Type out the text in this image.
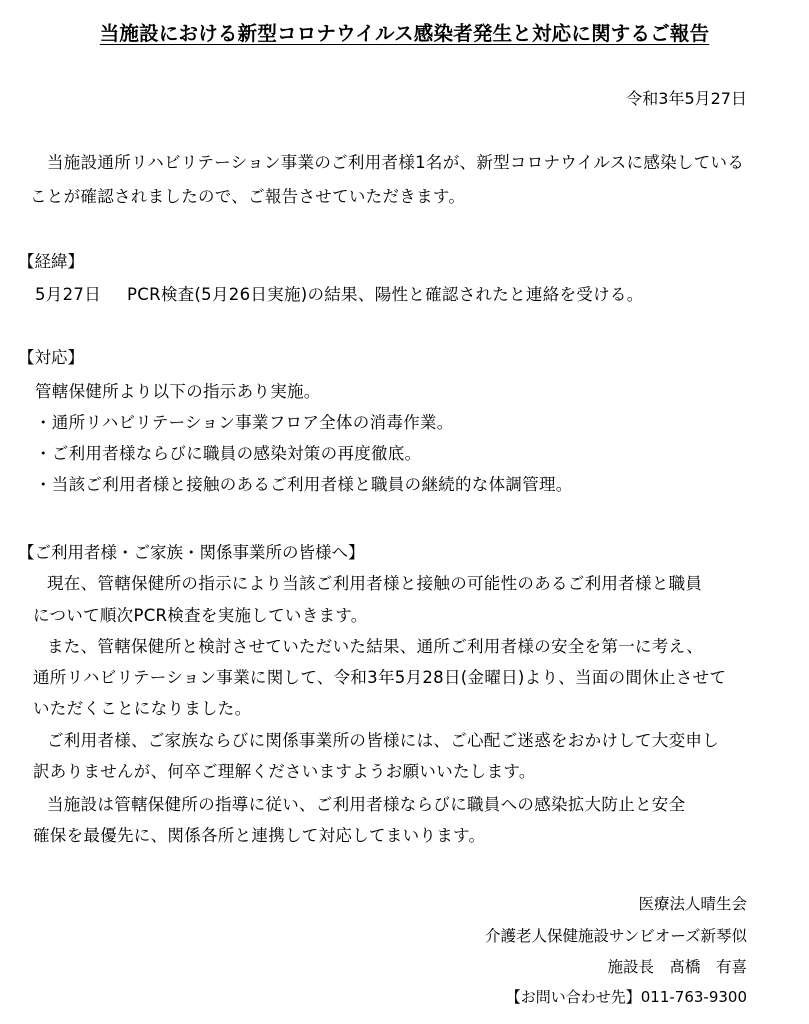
当施設における新型コロナウイルス感染者発生と対応に関するご報告
令和3年5月27日
当施設通所リハビリテーション事業のご利用者様1名が、新型コロナウイルスに感染している
ことが確認されましたので、ご報告させていただきます。
【経緯】
5月27日 PCR検査(5月26日実施)の結果、陽性と確認されたと連絡を受ける。
【対応】
管轄保健所より以下の指示あり実施。
・通所リハビリテーション事業フロア全体の消毒作業。
・ご利用者様ならびに職員の感染対策の再度徹底。
・当該ご利用者様と接触のあるご利用者様と職員の継続的な体調管理。
【ご利用者様・ご家族・関係事業所の皆様へ】
現在、管轄保健所の指示により当該ご利用者様と接触の可能性のあるご利用者様と職員
について順次PCR検査を実施していきます。
また、管轄保健所と検討させていただいた結果、通所ご利用者様の安全を第一に考え、
通所リハビリテーション事業に関して、令和3年5月28日(金曜日)より、当面の間休止させて
いただくことになりました。
ご利用者様、ご家族ならびに関係事業所の皆様には、ご心配ご迷惑をおかけして大変申し
訳ありませんが、何卒ご理解くださいますようお願いいたします。
当施設は管轄保健所の指導に従い、ご利用者様ならびに職員への感染拡大防止と安全
確保を最優先に、関係各所と連携して対応してまいります。
医療法人晴生会
介護老人保健施設サンビオーズ新琴似
施設長　髙橋　有喜
【お問い合わせ先】011-763-9300
